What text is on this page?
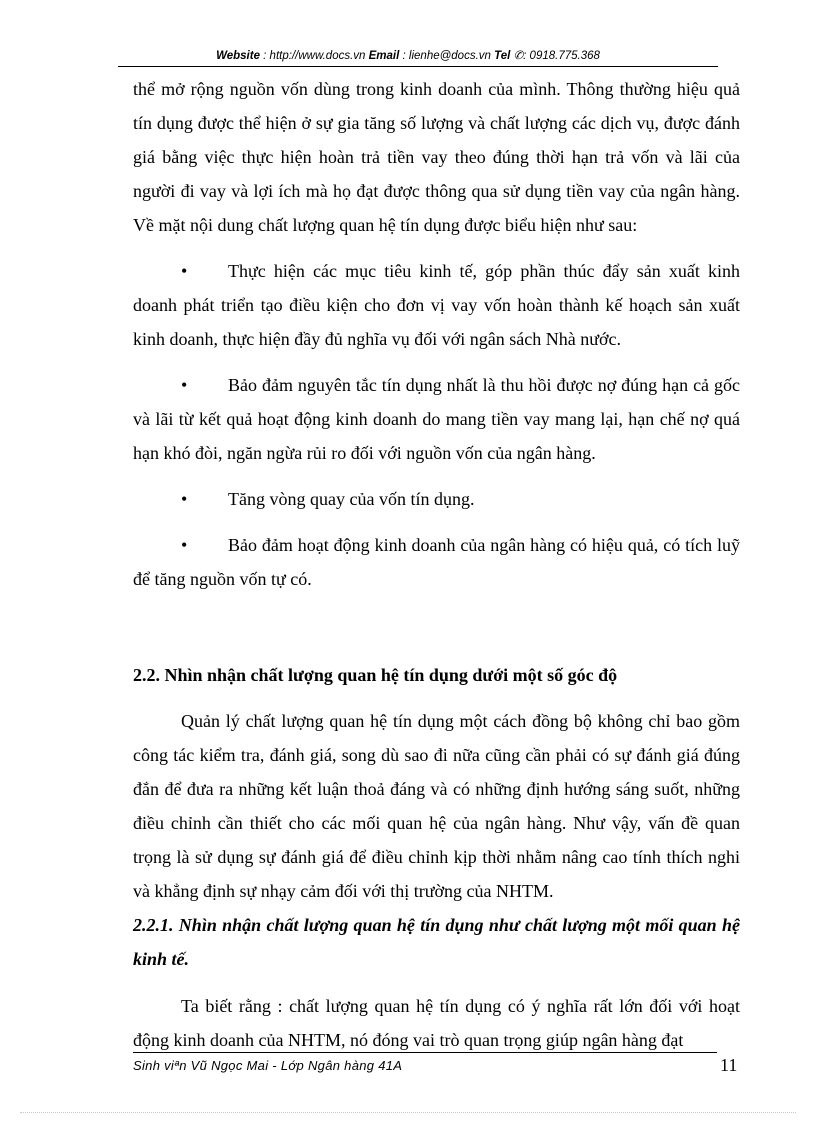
Website : http://www.docs.vn Email : lienhe@docs.vn Tel ✆: 0918.775.368

thể mở rộng nguồn vốn dùng trong kinh doanh của mình. Thông thường hiệu quả tín dụng được thể hiện ở sự gia tăng số lượng và chất lượng các dịch vụ, được đánh giá bằng việc thực hiện hoàn trả tiền vay theo đúng thời hạn trả vốn và lãi của người đi vay và lợi ích mà họ đạt được thông qua sử dụng tiền vay của ngân hàng. Về mặt nội dung chất lượng quan hệ tín dụng được biểu hiện như sau:

• Thực hiện các mục tiêu kinh tế, góp phần thúc đẩy sản xuất kinh doanh phát triển tạo điều kiện cho đơn vị vay vốn hoàn thành kế hoạch sản xuất kinh doanh, thực hiện đầy đủ nghĩa vụ đối với ngân sách Nhà nước.

• Bảo đảm nguyên tắc tín dụng nhất là thu hồi được nợ đúng hạn cả gốc và lãi từ kết quả hoạt động kinh doanh do mang tiền vay mang lại, hạn chế nợ quá hạn khó đòi, ngăn ngừa rủi ro đối với nguồn vốn của ngân hàng.

• Tăng vòng quay của vốn tín dụng.

• Bảo đảm hoạt động kinh doanh của ngân hàng có hiệu quả, có tích luỹ để tăng nguồn vốn tự có.

2.2. Nhìn nhận chất lượng quan hệ tín dụng dưới một số góc độ

Quản lý chất lượng quan hệ tín dụng một cách đồng bộ không chỉ bao gồm công tác kiểm tra, đánh giá, song dù sao đi nữa cũng cần phải có sự đánh giá đúng đắn để đưa ra những kết luận thoả đáng và có những định hướng sáng suốt, những điều chỉnh cần thiết cho các mối quan hệ của ngân hàng. Như vậy, vấn đề quan trọng là sử dụng sự đánh giá để điều chỉnh kịp thời nhằm nâng cao tính thích nghi và khẳng định sự nhạy cảm đối với thị trường của NHTM.

2.2.1. Nhìn nhận chất lượng quan hệ tín dụng như chất lượng một mối quan hệ kinh tế.

Ta biết rằng : chất lượng quan hệ tín dụng có ý nghĩa rất lớn đối với hoạt động kinh doanh của NHTM, nó đóng vai trò quan trọng giúp ngân hàng đạt

Sinh viªn Vũ Ngọc Mai - Lớp Ngân hàng 41A	11
